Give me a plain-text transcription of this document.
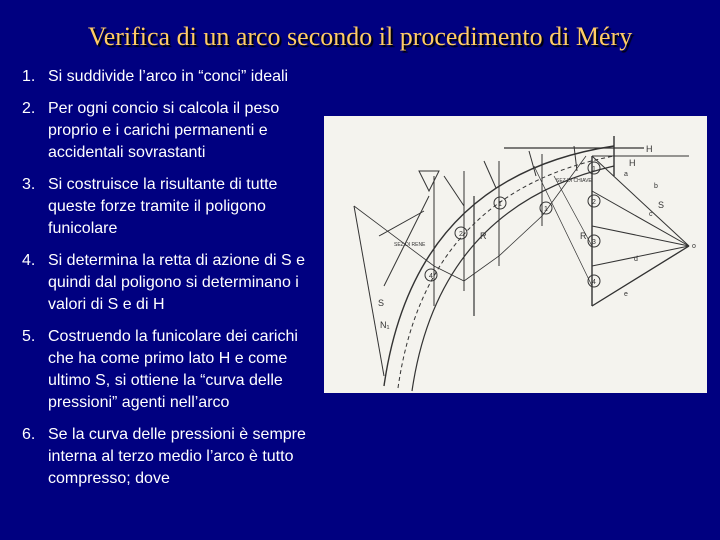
Verifica di un arco secondo il procedimento di Méry
1. Si suddivide l’arco in “conci” ideali
2. Per ogni concio si calcola il peso proprio e i carichi permanenti e accidentali sovrastanti
3. Si costruisce la risultante di tutte queste forze tramite il poligono funicolare
4. Si determina la retta di azione di S e quindi dal poligono si determinano i valori di S e di H
5. Costruendo la funicolare dei carichi che ha come primo lato H e come ultimo S, si ottiene la “curva delle pressioni” agenti nell’arco
6. Se la curva delle pressioni è sempre interna al terzo medio l’arco è tutto compresso; dove
H
H
S
S
R	R
N₁
SEZ.DI RENE
SEZ.DI CHIAVE
1
2
4
1
1
2
3
4
a
b
c
d
e
o
